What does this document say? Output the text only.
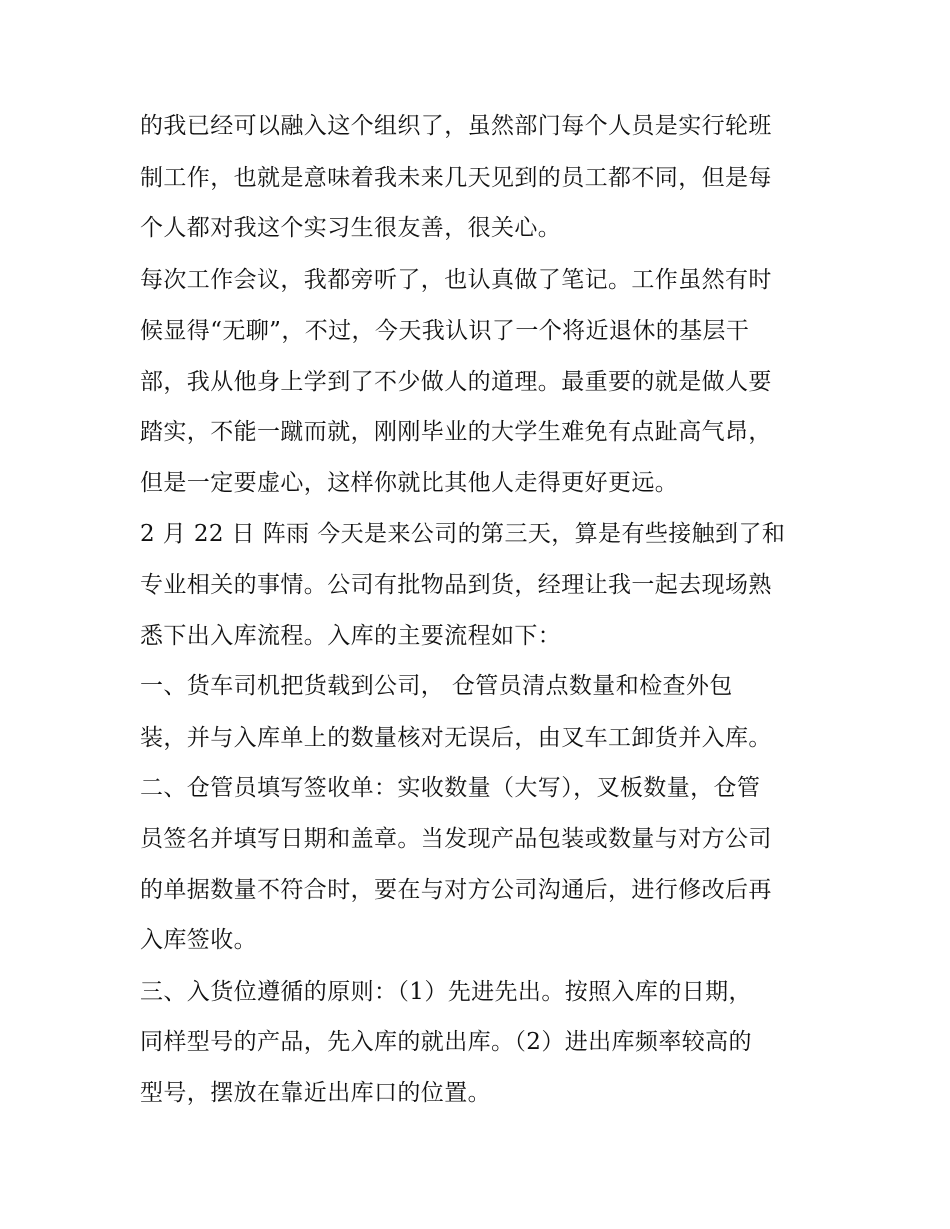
的我已经可以融入这个组织了，虽然部门每个人员是实行轮班
制工作，也就是意味着我未来几天见到的员工都不同，但是每
个人都对我这个实习生很友善，很关心。
每次工作会议，我都旁听了，也认真做了笔记。工作虽然有时
候显得“无聊”，不过，今天我认识了一个将近退休的基层干
部，我从他身上学到了不少做人的道理。最重要的就是做人要
踏实，不能一蹴而就，刚刚毕业的大学生难免有点趾高气昂，
但是一定要虚心，这样你就比其他人走得更好更远。
2 月 22 日 阵雨 今天是来公司的第三天，算是有些接触到了和
专业相关的事情。公司有批物品到货，经理让我一起去现场熟
悉下出入库流程。入库的主要流程如下：
一、货车司机把货载到公司， 仓管员清点数量和检查外包
装，并与入库单上的数量核对无误后，由叉车工卸货并入库。
二、仓管员填写签收单：实收数量（大写），叉板数量，仓管
员签名并填写日期和盖章。当发现产品包装或数量与对方公司
的单据数量不符合时，要在与对方公司沟通后，进行修改后再
入库签收。
三、入货位遵循的原则：（1）先进先出。按照入库的日期，
同样型号的产品，先入库的就出库。（2）进出库频率较高的
型号，摆放在靠近出库口的位置。
